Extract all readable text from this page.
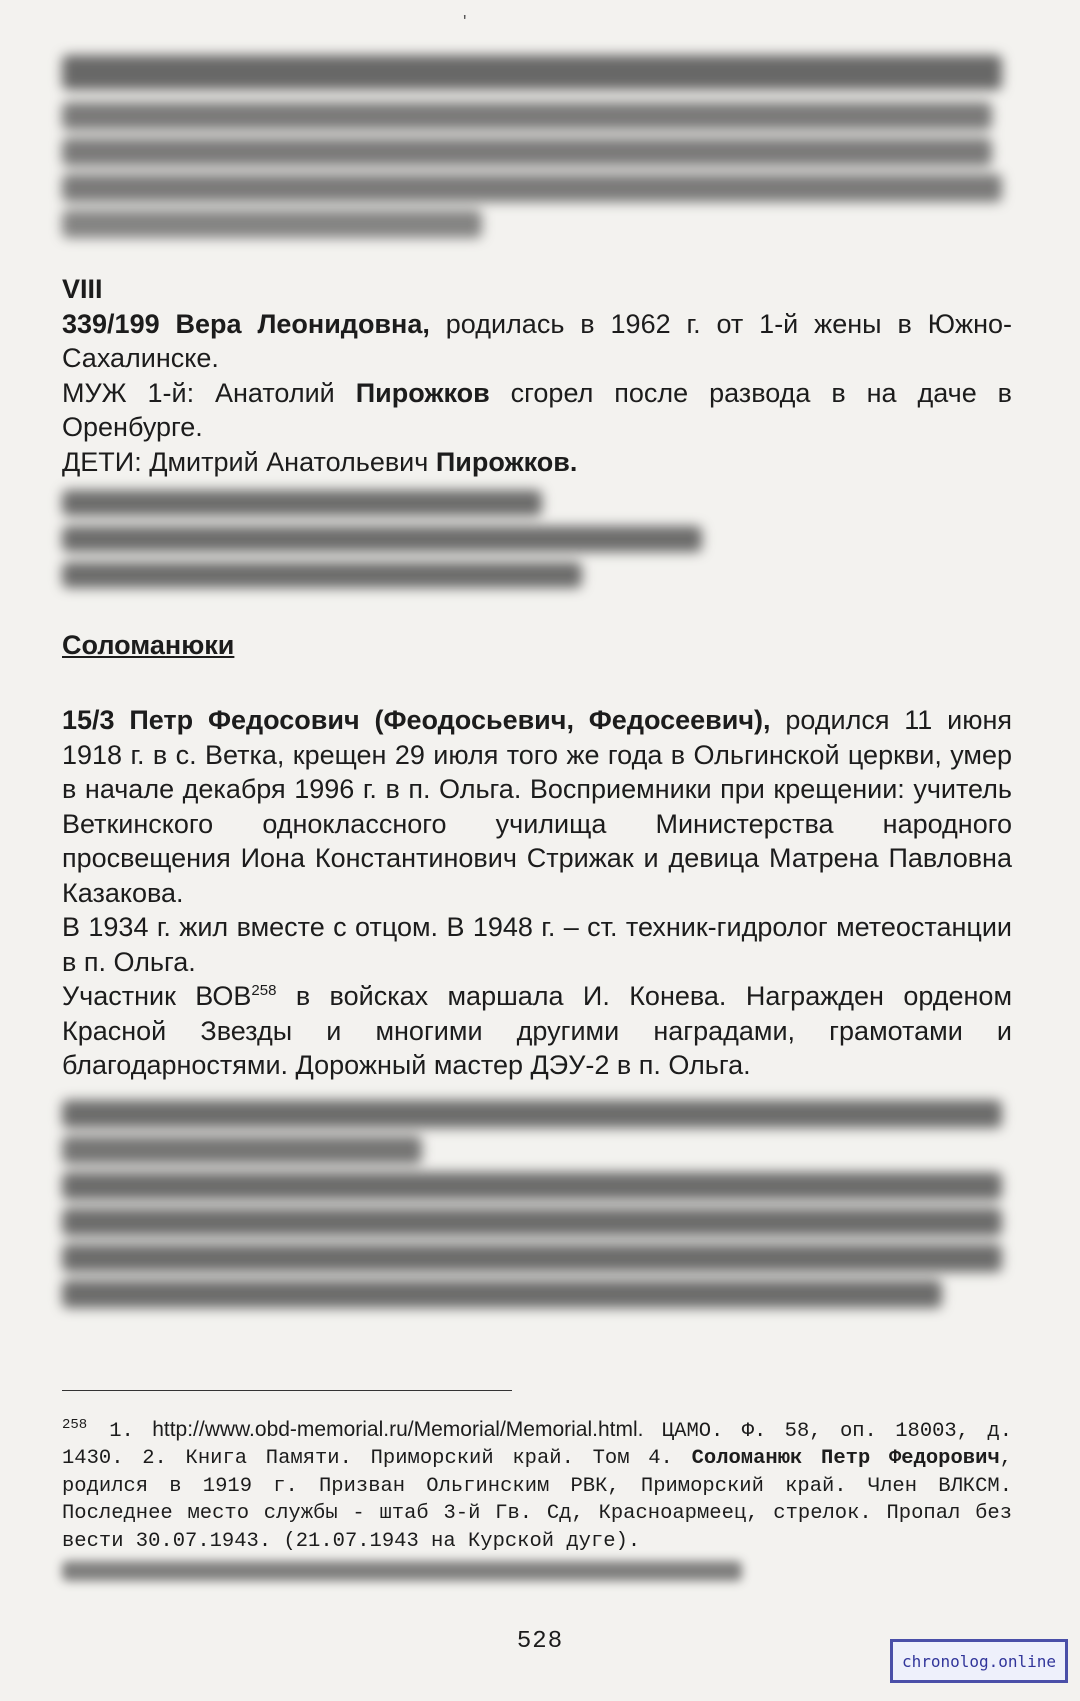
'

VIII

339/199 Вера Леонидовна, родилась в 1962 г. от 1-й жены в Южно-Сахалинске.

МУЖ 1-й: Анатолий Пирожков сгорел после развода в на даче в Оренбурге.

ДЕТИ: Дмитрий Анатольевич Пирожков.

Соломанюки

15/3 Петр Федосович (Феодосьевич, Федосеевич), родился 11 июня 1918 г. в с. Ветка, крещен 29 июля того же года в Ольгинской церкви, умер в начале декабря 1996 г. в п. Ольга. Восприемники при крещении: учитель Веткинского одноклассного училища Министерства народного просвещения Иона Константинович Стрижак и девица Матрена Павловна Казакова.

В 1934 г. жил вместе с отцом. В 1948 г. – ст. техник-гидролог метеостанции в п. Ольга.

Участник ВОВ$^{258}$ в войсках маршала И. Конева. Награжден орденом Красной Звезды и многими другими наградами, грамотами и благодарностями. Дорожный мастер ДЭУ-2 в п. Ольга.

$^{258}$ 1. http://www.obd-memorial.ru/Memorial/Memorial.html. ЦАМО. Ф. 58, оп. 18003, д. 1430. 2. Книга Памяти. Приморский край. Том 4. Соломанюк Петр Федорович, родился в 1919 г. Призван Ольгинским РВК, Приморский край. Член ВЛКСМ. Последнее место службы - штаб 3-й Гв. Сд, Красноармеец, стрелок. Пропал без вести 30.07.1943. (21.07.1943 на Курской дуге).
528
chronolog.online
